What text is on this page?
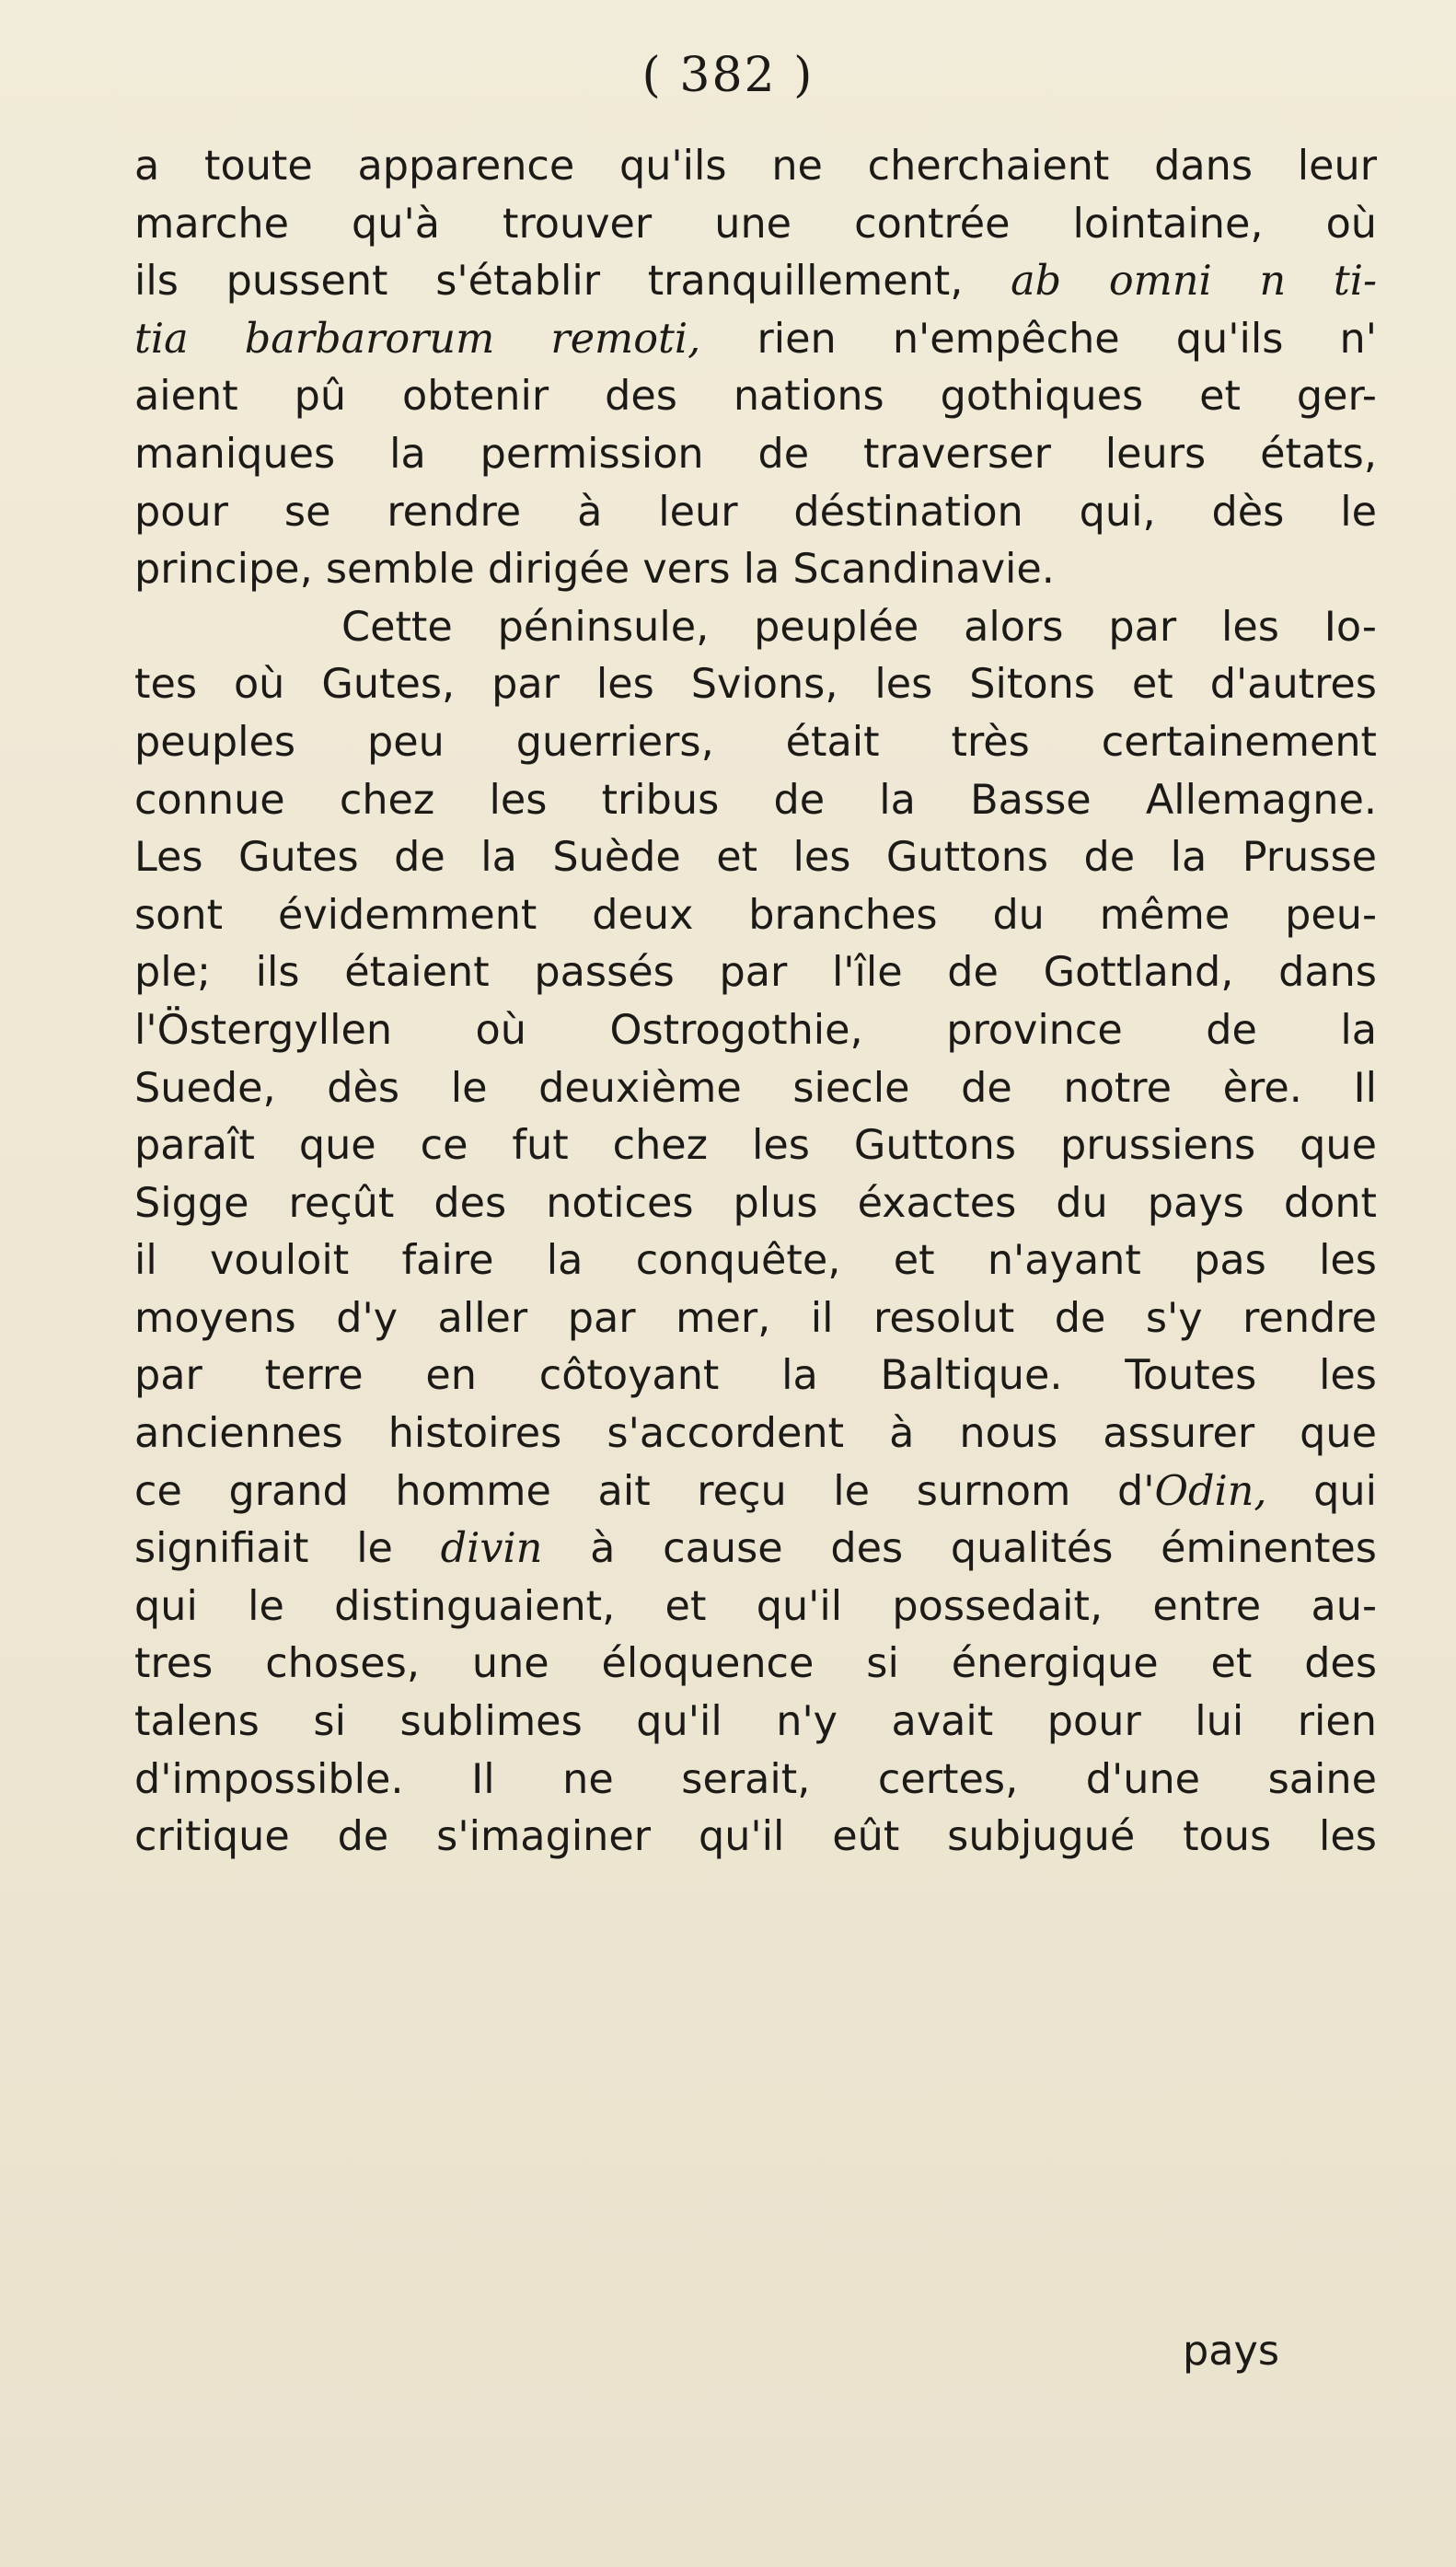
( 382 )
a toute apparence qu'ils ne cherchaient dans leur
marche qu'à trouver une contrée lointaine, où
ils pussent s'établir tranquillement, ab omni n ti-
tia barbarorum remoti, rien n'empêche qu'ils n'
aient pû obtenir des nations gothiques et ger-
maniques la permission de traverser leurs états,
pour se rendre à leur déstination qui, dès le
principe, semble dirigée vers la Scandinavie.
Cette péninsule, peuplée alors par les Io-
tes où Gutes, par les Svions, les Sitons et d'autres
peuples peu guerriers, était très certainement
connue chez les tribus de la Basse Allemagne.
Les Gutes de la Suède et les Guttons de la Prusse
sont évidemment deux branches du même peu-
ple; ils étaient passés par l'île de Gottland, dans
l'Östergyllen où Ostrogothie, province de la
Suede, dès le deuxième siecle de notre ère. Il
paraît que ce fut chez les Guttons prussiens que
Sigge reçût des notices plus éxactes du pays dont
il vouloit faire la conquête, et n'ayant pas les
moyens d'y aller par mer, il resolut de s'y rendre
par terre en côtoyant la Baltique. Toutes les
anciennes histoires s'accordent à nous assurer que
ce grand homme ait reçu le surnom d'Odin, qui
signifiait le divin à cause des qualités éminentes
qui le distinguaient, et qu'il possedait, entre au-
tres choses, une éloquence si énergique et des
talens si sublimes qu'il n'y avait pour lui rien
d'impossible. Il ne serait, certes, d'une saine
critique de s'imaginer qu'il eût subjugué tous les
pays
